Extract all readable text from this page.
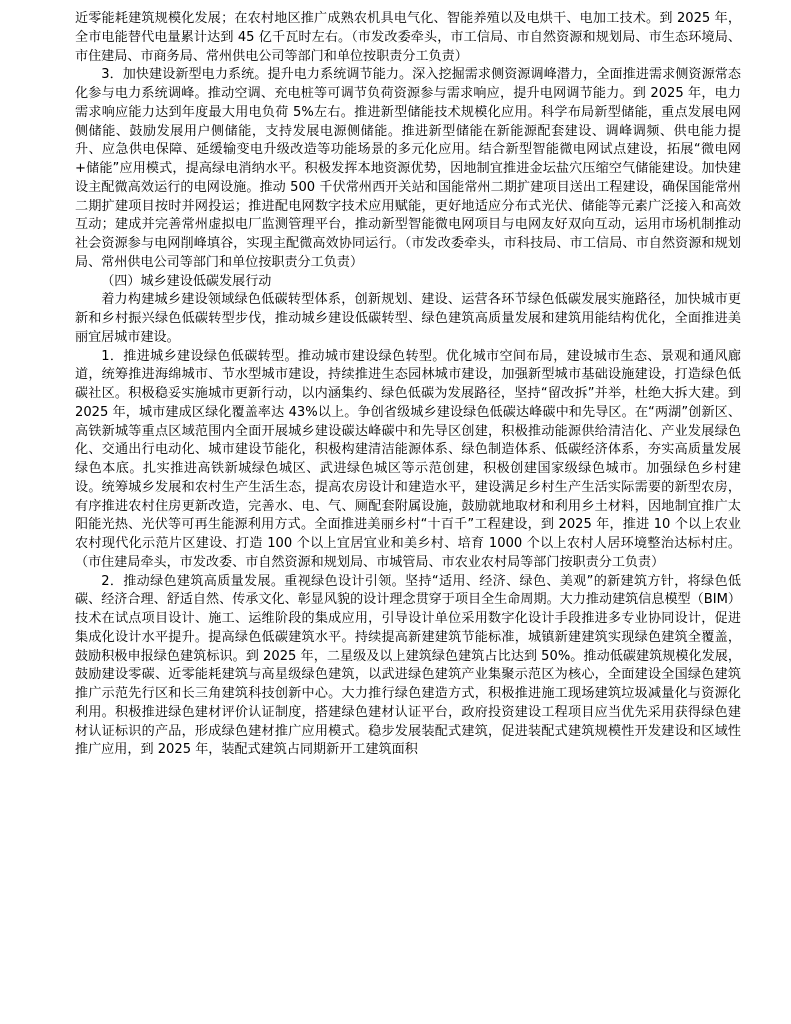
近零能耗建筑规模化发展；在农村地区推广成熟农机具电气化、智能养殖以及电烘干、电加工技术。到 2025 年，全市电能替代电量累计达到 45 亿千瓦时左右。（市发改委牵头，市工信局、市自然资源和规划局、市生态环境局、市住建局、市商务局、常州供电公司等部门和单位按职责分工负责）

3．加快建设新型电力系统。提升电力系统调节能力。深入挖掘需求侧资源调峰潜力，全面推进需求侧资源常态化参与电力系统调峰。推动空调、充电桩等可调节负荷资源参与需求响应，提升电网调节能力。到 2025 年，电力需求响应能力达到年度最大用电负荷 5%左右。推进新型储能技术规模化应用。科学布局新型储能，重点发展电网侧储能、鼓励发展用户侧储能，支持发展电源侧储能。推进新型储能在新能源配套建设、调峰调频、供电能力提升、应急供电保障、延缓输变电升级改造等功能场景的多元化应用。结合新型智能微电网试点建设，拓展“微电网+储能”应用模式，提高绿电消纳水平。积极发挥本地资源优势，因地制宜推进金坛盐穴压缩空气储能建设。加快建设主配微高效运行的电网设施。推动 500 千伏常州西开关站和国能常州二期扩建项目送出工程建设，确保国能常州二期扩建项目按时并网投运；推进配电网数字技术应用赋能，更好地适应分布式光伏、储能等元素广泛接入和高效互动；建成并完善常州虚拟电厂监测管理平台，推动新型智能微电网项目与电网友好双向互动，运用市场机制推动社会资源参与电网削峰填谷，实现主配微高效协同运行。（市发改委牵头，市科技局、市工信局、市自然资源和规划局、常州供电公司等部门和单位按职责分工负责）

（四）城乡建设低碳发展行动

着力构建城乡建设领域绿色低碳转型体系，创新规划、建设、运营各环节绿色低碳发展实施路径，加快城市更新和乡村振兴绿色低碳转型步伐，推动城乡建设低碳转型、绿色建筑高质量发展和建筑用能结构优化，全面推进美丽宜居城市建设。

1．推进城乡建设绿色低碳转型。推动城市建设绿色转型。优化城市空间布局，建设城市生态、景观和通风廊道，统筹推进海绵城市、节水型城市建设，持续推进生态园林城市建设，加强新型城市基础设施建设，打造绿色低碳社区。积极稳妥实施城市更新行动，以内涵集约、绿色低碳为发展路径，坚持“留改拆”并举，杜绝大拆大建。到 2025 年，城市建成区绿化覆盖率达 43%以上。争创省级城乡建设绿色低碳达峰碳中和先导区。在“两湖”创新区、高铁新城等重点区域范围内全面开展城乡建设碳达峰碳中和先导区创建，积极推动能源供给清洁化、产业发展绿色化、交通出行电动化、城市建设节能化，积极构建清洁能源体系、绿色制造体系、低碳经济体系，夯实高质量发展绿色本底。扎实推进高铁新城绿色城区、武进绿色城区等示范创建，积极创建国家级绿色城市。加强绿色乡村建设。统筹城乡发展和农村生产生活生态，提高农房设计和建造水平，建设满足乡村生产生活实际需要的新型农房，有序推进农村住房更新改造，完善水、电、气、厕配套附属设施，鼓励就地取材和利用乡土材料，因地制宜推广太阳能光热、光伏等可再生能源利用方式。全面推进美丽乡村“十百千”工程建设，到 2025 年，推进 10 个以上农业农村现代化示范片区建设、打造 100 个以上宜居宜业和美乡村、培育 1000 个以上农村人居环境整治达标村庄。（市住建局牵头，市发改委、市自然资源和规划局、市城管局、市农业农村局等部门按职责分工负责）

2．推动绿色建筑高质量发展。重视绿色设计引领。坚持“适用、经济、绿色、美观”的新建筑方针，将绿色低碳、经济合理、舒适自然、传承文化、彰显风貌的设计理念贯穿于项目全生命周期。大力推动建筑信息模型（BIM）技术在试点项目设计、施工、运维阶段的集成应用，引导设计单位采用数字化设计手段推进多专业协同设计，促进集成化设计水平提升。提高绿色低碳建筑水平。持续提高新建建筑节能标准，城镇新建建筑实现绿色建筑全覆盖，鼓励积极申报绿色建筑标识。到 2025 年，二星级及以上建筑绿色建筑占比达到 50%。推动低碳建筑规模化发展，鼓励建设零碳、近零能耗建筑与高星级绿色建筑，以武进绿色建筑产业集聚示范区为核心，全面建设全国绿色建筑推广示范先行区和长三角建筑科技创新中心。大力推行绿色建造方式，积极推进施工现场建筑垃圾减量化与资源化利用。积极推进绿色建材评价认证制度，搭建绿色建材认证平台，政府投资建设工程项目应当优先采用获得绿色建材认证标识的产品，形成绿色建材推广应用模式。稳步发展装配式建筑，促进装配式建筑规模性开发建设和区域性推广应用，到 2025 年，装配式建筑占同期新开工建筑面积
